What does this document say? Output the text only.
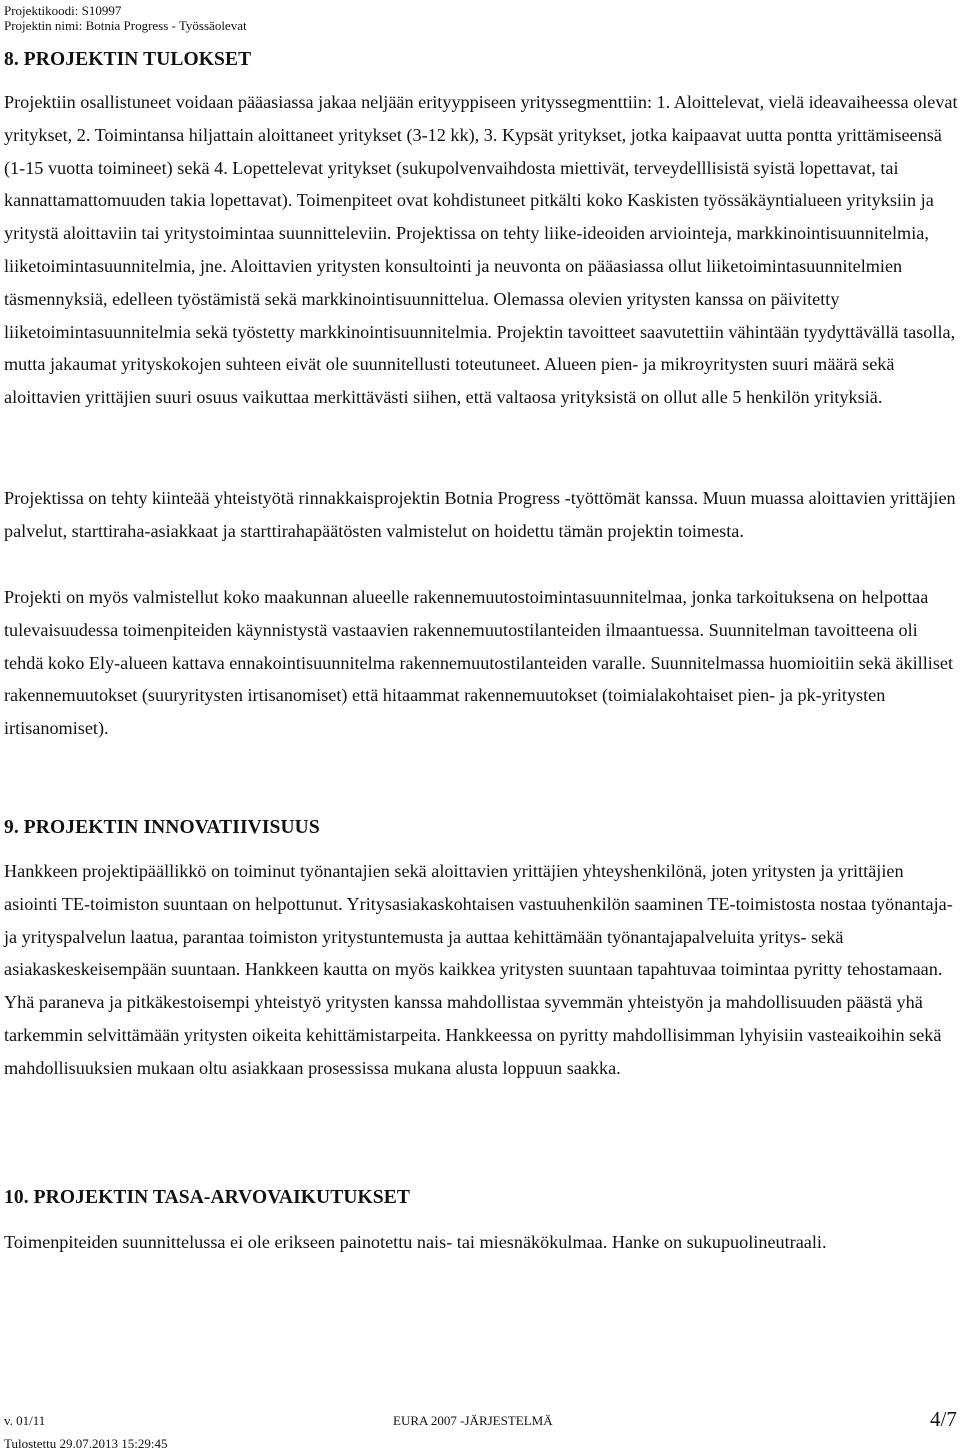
Projektikoodi: S10997
Projektin nimi: Botnia Progress - Työssäolevat
8. PROJEKTIN TULOKSET

Projektiin osallistuneet voidaan pääasiassa jakaa neljään erityyppiseen yrityssegmenttiin: 1. Aloittelevat, vielä ideavaiheessa olevat yritykset, 2. Toimintansa hiljattain aloittaneet yritykset (3-12 kk), 3. Kypsät yritykset, jotka kaipaavat uutta pontta yrittämiseensä (1-15 vuotta toimineet) sekä 4. Lopettelevat yritykset (sukupolvenvaihdosta miettivät, terveydelllisistä syistä lopettavat, tai kannattamattomuuden takia lopettavat). Toimenpiteet ovat kohdistuneet pitkälti koko Kaskisten työssäkäyntialueen yrityksiin ja yritystä aloittaviin tai yritystoimintaa suunnitteleviin. Projektissa on tehty liike-ideoiden arviointeja, markkinointisuunnitelmia, liiketoimintasuunnitelmia, jne. Aloittavien yritysten konsultointi ja neuvonta on pääasiassa ollut liiketoimintasuunnitelmien täsmennyksiä, edelleen työstämistä sekä markkinointisuunnittelua. Olemassa olevien yritysten kanssa on päivitetty liiketoimintasuunnitelmia sekä työstetty markkinointisuunnitelmia. Projektin tavoitteet saavutettiin vähintään tyydyttävällä tasolla, mutta jakaumat yrityskokojen suhteen eivät ole suunnitellusti toteutuneet. Alueen pien- ja mikroyritysten suuri määrä sekä aloittavien yrittäjien suuri osuus vaikuttaa merkittävästi siihen, että valtaosa yrityksistä on ollut alle 5 henkilön yrityksiä.

Projektissa on tehty kiinteää yhteistyötä rinnakkaisprojektin Botnia Progress -työttömät kanssa. Muun muassa aloittavien yrittäjien palvelut, starttiraha-asiakkaat ja starttirahapäätösten valmistelut on hoidettu tämän projektin toimesta.

Projekti on myös valmistellut koko maakunnan alueelle rakennemuutostoimintasuunnitelmaa, jonka tarkoituksena on helpottaa tulevaisuudessa toimenpiteiden käynnistystä vastaavien rakennemuutostilanteiden ilmaantuessa. Suunnitelman tavoitteena oli tehdä koko Ely-alueen kattava ennakointisuunnitelma rakennemuutostilanteiden varalle. Suunnitelmassa huomioitiin sekä äkilliset rakennemuutokset (suuryritysten irtisanomiset) että hitaammat rakennemuutokset (toimialakohtaiset pien- ja pk-yritysten irtisanomiset).

9. PROJEKTIN INNOVATIIVISUUS

Hankkeen projektipäällikkö on toiminut työnantajien sekä aloittavien yrittäjien yhteyshenkilönä, joten yritysten ja yrittäjien asiointi TE-toimiston suuntaan on helpottunut. Yritysasiakaskohtaisen vastuuhenkilön saaminen TE-toimistosta nostaa työnantaja- ja yrityspalvelun laatua, parantaa toimiston yritystuntemusta ja auttaa kehittämään työnantajapalveluita yritys- sekä asiakaskeskeisempään suuntaan. Hankkeen kautta on myös kaikkea yritysten suuntaan tapahtuvaa toimintaa pyritty tehostamaan. Yhä paraneva ja pitkäkestoisempi yhteistyö yritysten kanssa mahdollistaa syvemmän yhteistyön ja mahdollisuuden päästä yhä tarkemmin selvittämään yritysten oikeita kehittämistarpeita. Hankkeessa on pyritty mahdollisimman lyhyisiin vasteaikoihin sekä mahdollisuuksien mukaan oltu asiakkaan prosessissa mukana alusta loppuun saakka.

10. PROJEKTIN TASA-ARVOVAIKUTUKSET

Toimenpiteiden suunnittelussa ei ole erikseen painotettu nais- tai miesnäkökulmaa. Hanke on sukupuolineutraali.

v. 01/11	EURA 2007 -JÄRJESTELMÄ	4/7
Tulostettu 29.07.2013 15:29:45
